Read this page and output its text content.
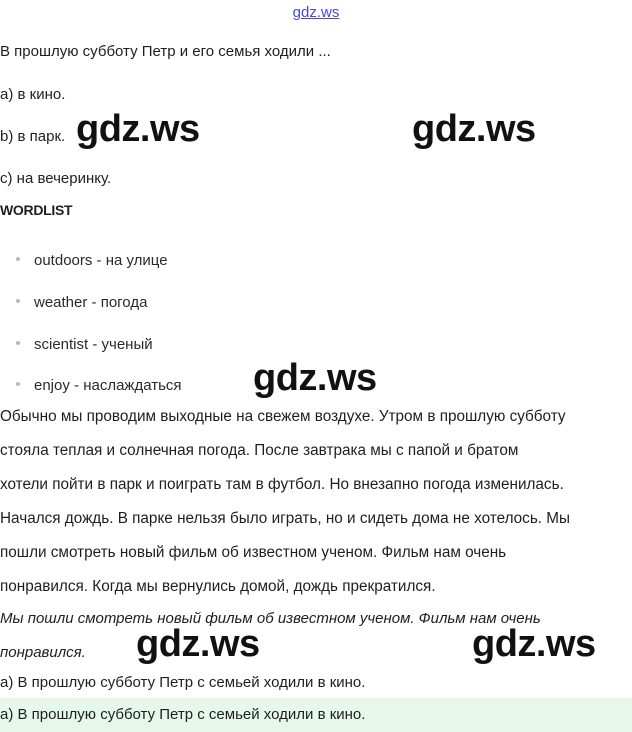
gdz.ws
В прошлую субботу Петр и его семья ходили ...
a) в кино.
b) в парк.
c) на вечеринку.
WORDLIST
outdoors - на улице
weather - погода
scientist - ученый
enjoy - наслаждаться
Обычно мы проводим выходные на свежем воздухе. Утром в прошлую субботу
стояла теплая и солнечная погода. После завтрака мы с папой и братом
хотели пойти в парк и поиграть там в футбол. Но внезапно погода изменилась.
Начался дождь. В парке нельзя было играть, но и сидеть дома не хотелось. Мы
пошли смотреть новый фильм об известном ученом. Фильм нам очень
понравился. Когда мы вернулись домой, дождь прекратился.
Мы пошли смотреть новый фильм об известном ученом. Фильм нам очень
понравился.
a) В прошлую субботу Петр с семьей ходили в кино.
a) В прошлую субботу Петр с семьей ходили в кино.
gdz.ws	gdz.ws
gdz.ws
gdz.ws	gdz.ws
